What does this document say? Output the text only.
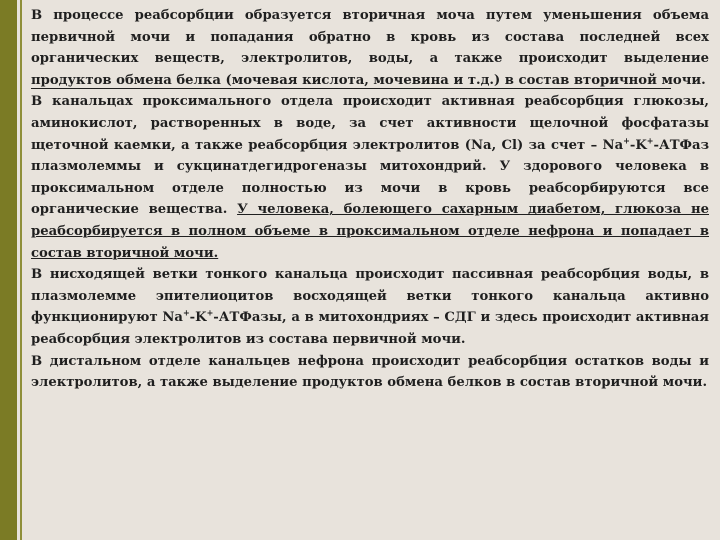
В процессе реабсорбции образуется вторичная моча путем уменьшения объема первичной мочи и попадания обратно в кровь из состава последней всех органических веществ, электролитов, воды, а также происходит выделение продуктов обмена белка (мочевая кислота, мочевина и т.д.) в состав вторичной мочи.

В канальцах проксимального отдела происходит активная реабсорбция глюкозы, аминокислот, растворенных в воде, за счет активности щелочной фосфатазы щеточной каемки, а также реабсорбция электролитов (Na, Cl) за счет – Na+-K+-АТФаз плазмолеммы и сукцинатдегидрогеназы митохондрий. У здорового человека в проксимальном отделе полностью из мочи в кровь реабсорбируются все органические вещества. У человека, болеющего сахарным диабетом, глюкоза не реабсорбируется в полном объеме в проксимальном отделе нефрона и попадает в состав вторичной мочи.

В нисходящей ветки тонкого канальца происходит пассивная реабсорбция воды, в плазмолемме эпителиоцитов восходящей ветки тонкого канальца активно функционируют Na+-K+-АТФазы, а в митохондриях – СДГ и здесь происходит активная реабсорбция электролитов из состава первичной мочи.

В дистальном отделе канальцев нефрона происходит реабсорбция остатков воды и электролитов, а также выделение продуктов обмена белков в состав вторичной мочи.
